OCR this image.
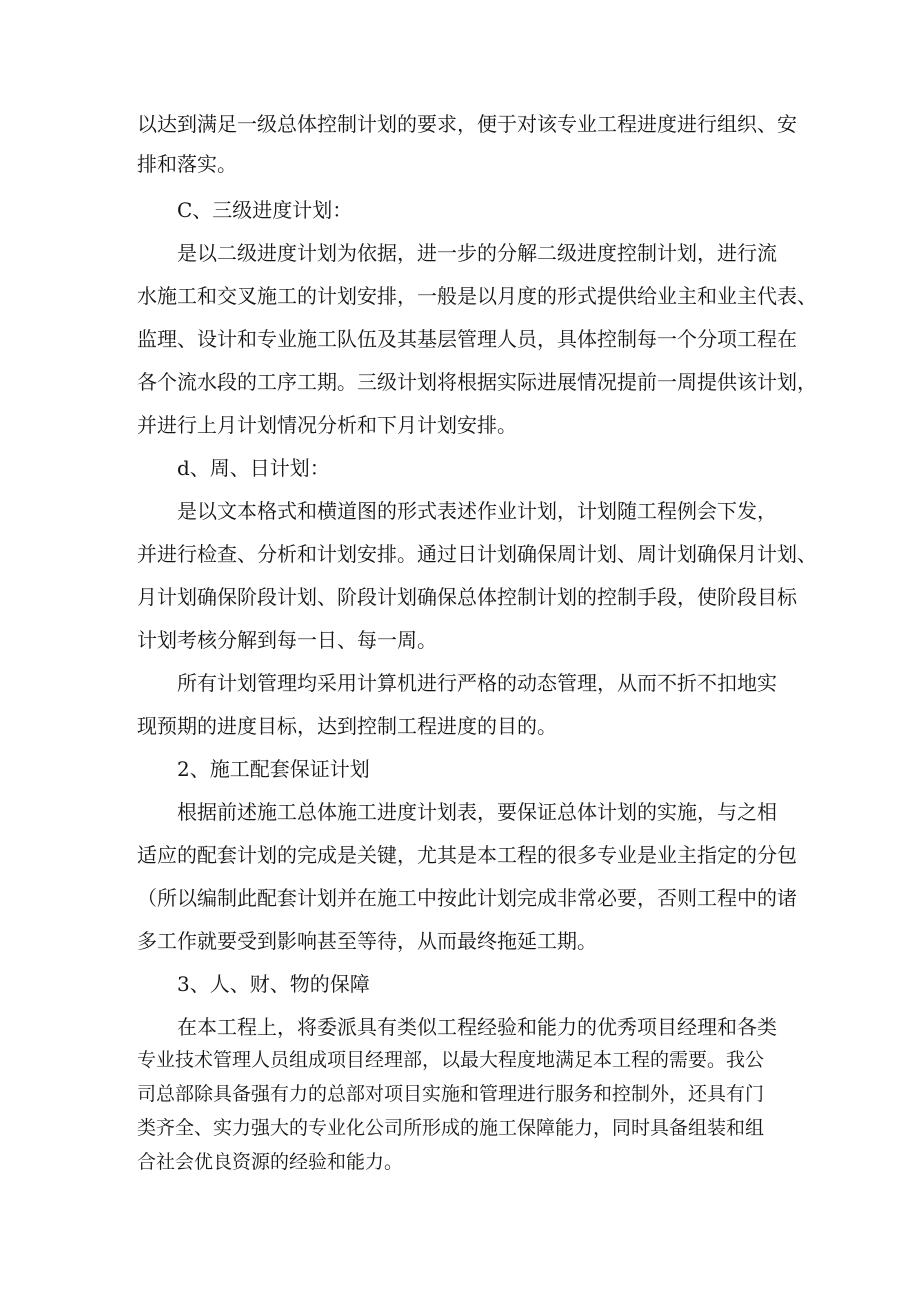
以达到满足一级总体控制计划的要求，便于对该专业工程进度进行组织、安
排和落实。
C、三级进度计划：
是以二级进度计划为依据，进一步的分解二级进度控制计划，进行流
水施工和交叉施工的计划安排，一般是以月度的形式提供给业主和业主代表、
监理、设计和专业施工队伍及其基层管理人员，具体控制每一个分项工程在
各个流水段的工序工期。三级计划将根据实际进展情况提前一周提供该计划，
并进行上月计划情况分析和下月计划安排。
d、周、日计划：
是以文本格式和横道图的形式表述作业计划，计划随工程例会下发，
并进行检查、分析和计划安排。通过日计划确保周计划、周计划确保月计划、
月计划确保阶段计划、阶段计划确保总体控制计划的控制手段，使阶段目标
计划考核分解到每一日、每一周。
所有计划管理均采用计算机进行严格的动态管理，从而不折不扣地实
现预期的进度目标，达到控制工程进度的目的。
2、施工配套保证计划
根据前述施工总体施工进度计划表，要保证总体计划的实施，与之相
适应的配套计划的完成是关键，尤其是本工程的很多专业是业主指定的分包
（所以编制此配套计划并在施工中按此计划完成非常必要，否则工程中的诸
多工作就要受到影响甚至等待，从而最终拖延工期。
3、人、财、物的保障
在本工程上，将委派具有类似工程经验和能力的优秀项目经理和各类
专业技术管理人员组成项目经理部，以最大程度地满足本工程的需要。我公
司总部除具备强有力的总部对项目实施和管理进行服务和控制外，还具有门
类齐全、实力强大的专业化公司所形成的施工保障能力，同时具备组装和组
合社会优良资源的经验和能力。
